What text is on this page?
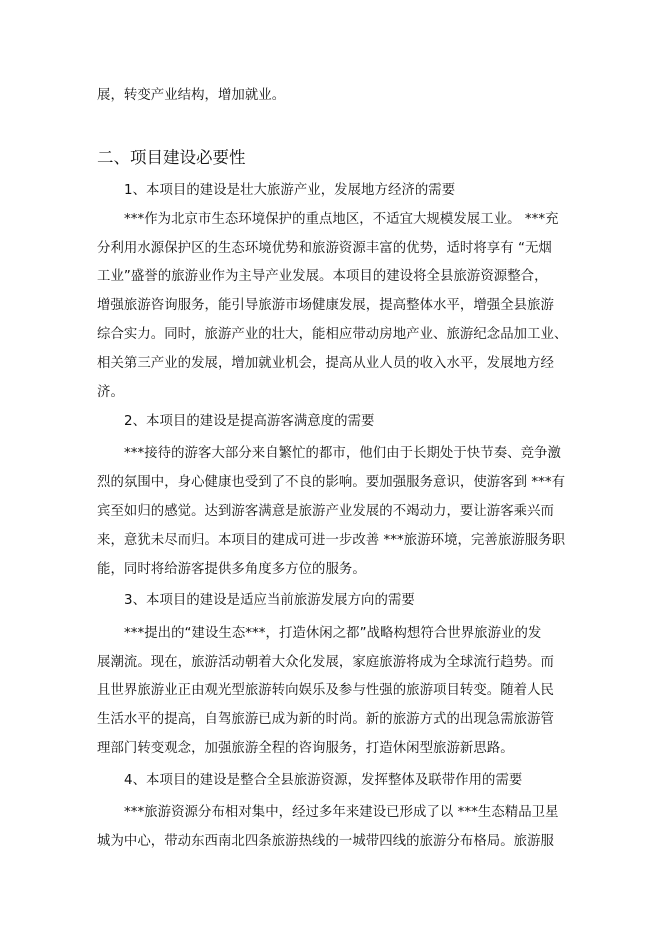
展，转变产业结构，增加就业。
二、项目建设必要性
1、本项目的建设是壮大旅游产业，发展地方经济的需要
***作为北京市生态环境保护的重点地区，不适宜大规模发展工业。 ***充
分利用水源保护区的生态环境优势和旅游资源丰富的优势，适时将享有 “无烟
工业”盛誉的旅游业作为主导产业发展。本项目的建设将全县旅游资源整合，
增强旅游咨询服务，能引导旅游市场健康发展，提高整体水平，增强全县旅游
综合实力。同时，旅游产业的壮大，能相应带动房地产业、旅游纪念品加工业、
相关第三产业的发展，增加就业机会，提高从业人员的收入水平，发展地方经
济。
2、本项目的建设是提高游客满意度的需要
***接待的游客大部分来自繁忙的都市，他们由于长期处于快节奏、竞争激
烈的氛围中，身心健康也受到了不良的影响。要加强服务意识，使游客到 ***有
宾至如归的感觉。达到游客满意是旅游产业发展的不竭动力，要让游客乘兴而
来，意犹未尽而归。本项目的建成可进一步改善 ***旅游环境，完善旅游服务职
能，同时将给游客提供多角度多方位的服务。
3、本项目的建设是适应当前旅游发展方向的需要
***提出的“建设生态***，打造休闲之都”战略构想符合世界旅游业的发
展潮流。现在，旅游活动朝着大众化发展，家庭旅游将成为全球流行趋势。而
且世界旅游业正由观光型旅游转向娱乐及参与性强的旅游项目转变。随着人民
生活水平的提高，自驾旅游已成为新的时尚。新的旅游方式的出现急需旅游管
理部门转变观念，加强旅游全程的咨询服务，打造休闲型旅游新思路。
4、本项目的建设是整合全县旅游资源，发挥整体及联带作用的需要
***旅游资源分布相对集中，经过多年来建设已形成了以 ***生态精品卫星
城为中心，带动东西南北四条旅游热线的一城带四线的旅游分布格局。旅游服
